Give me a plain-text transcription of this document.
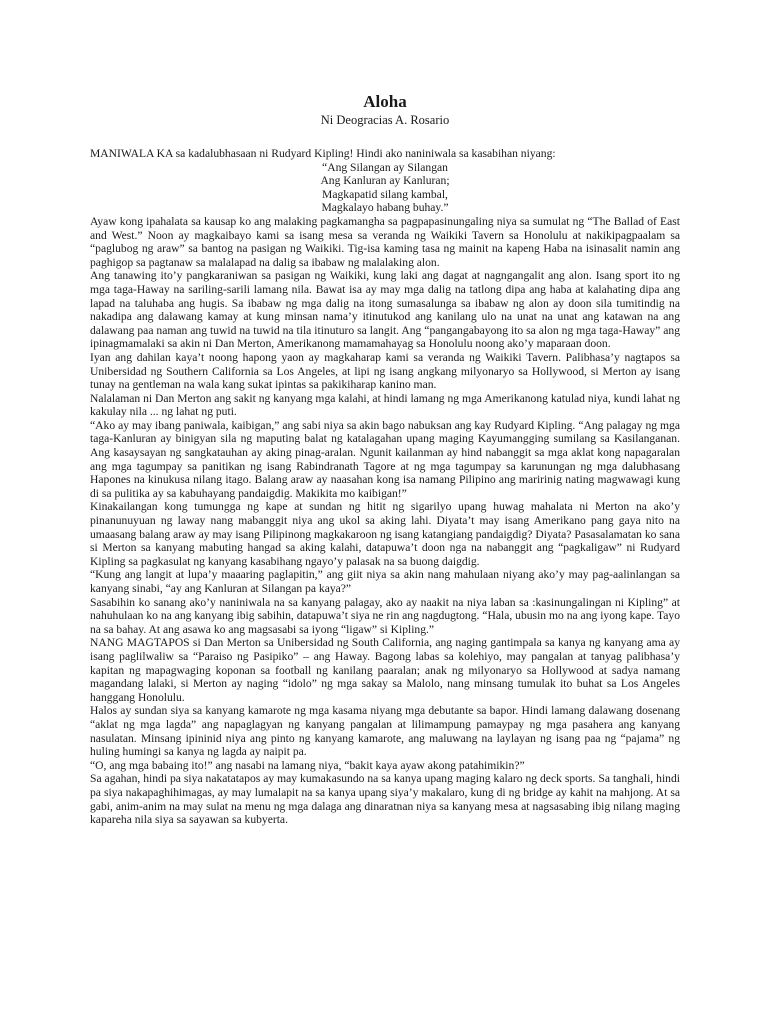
Aloha
Ni Deogracias A. Rosario

MANIWALA KA sa kadalubhasaan ni Rudyard Kipling! Hindi ako naniniwala sa kasabihan niyang:

“Ang Silangan ay Silangan
Ang Kanluran ay Kanluran;
Magkapatid silang kambal,
Magkalayo habang buhay.”

Ayaw kong ipahalata sa kausap ko ang malaking pagkamangha sa pagpapasinungaling niya sa sumulat ng “The Ballad of East and West.” Noon ay magkaibayo kami sa isang mesa sa veranda ng Waikiki Tavern sa Honolulu at nakikipagpaalam sa “paglubog ng araw” sa bantog na pasigan ng Waikiki. Tig-isa kaming tasa ng mainit na kapeng Haba na isinasalit namin ang paghigop sa pagtanaw sa malalapad na dalig sa ibabaw ng malalaking alon.

Ang tanawing ito’y pangkaraniwan sa pasigan ng Waikiki, kung laki ang dagat at nagngangalit ang alon. Isang sport ito ng mga taga-Haway na sariling-sarili lamang nila. Bawat isa ay may mga dalig na tatlong dipa ang haba at kalahating dipa ang lapad na taluhaba ang hugis. Sa ibabaw ng mga dalig na itong sumasalunga sa ibabaw ng alon ay doon sila tumitindig na nakadipa ang dalawang kamay at kung minsan nama’y itinutukod ang kanilang ulo na unat na unat ang katawan na ang dalawang paa naman ang tuwid na tuwid na tila itinuturo sa langit. Ang “pangangabayong ito sa alon ng mga taga-Haway” ang ipinagmamalaki sa akin ni Dan Merton, Amerikanong mamamahayag sa Honolulu noong ako’y maparaan doon.

Iyan ang dahilan kaya’t noong hapong yaon ay magkaharap kami sa veranda ng Waikiki Tavern. Palibhasa’y nagtapos sa Unibersidad ng Southern California sa Los Angeles, at lipi ng isang angkang milyonaryo sa Hollywood, si Merton ay isang tunay na gentleman na wala kang sukat ipintas sa pakikiharap kanino man.

Nalalaman ni Dan Merton ang sakit ng kanyang mga kalahi, at hindi lamang ng mga Amerikanong katulad niya, kundi lahat ng kakulay nila ... ng lahat ng puti.

“Ako ay may ibang paniwala, kaibigan,” ang sabi niya sa akin bago nabuksan ang kay Rudyard Kipling. “Ang palagay ng mga taga-Kanluran ay binigyan sila ng maputing balat ng katalagahan upang maging Kayumangging sumilang sa Kasilanganan. Ang kasaysayan ng sangkatauhan ay aking pinag-aralan. Ngunit kailanman ay hind nabanggit sa mga aklat kong napagaralan ang mga tagumpay sa panitikan ng isang Rabindranath Tagore at ng mga tagumpay sa karunungan ng mga dalubhasang Hapones na kinukusa nilang itago. Balang araw ay naasahan kong isa namang Pilipino ang maririnig nating magwawagi kung di sa pulitika ay sa kabuhayang pandaigdig. Makikita mo kaibigan!”

Kinakailangan kong tumungga ng kape at sundan ng hitit ng sigarilyo upang huwag mahalata ni Merton na ako’y pinanunuyuan ng laway nang mabanggit niya ang ukol sa aking lahi. Diyata’t may isang Amerikano pang gaya nito na umaasang balang araw ay may isang Pilipinong magkakaroon ng isang katangiang pandaigdig? Diyata? Pasasalamatan ko sana si Merton sa kanyang mabuting hangad sa aking kalahi, datapuwa’t doon nga na nabanggit ang “pagkaligaw” ni Rudyard Kipling sa pagkasulat ng kanyang kasabihang ngayo’y palasak na sa buong daigdig.

“Kung ang langit at lupa’y maaaring paglapitin,” ang giit niya sa akin nang mahulaan niyang ako’y may pag-aalinlangan sa kanyang sinabi, “ay ang Kanluran at Silangan pa kaya?”

Sasabihin ko sanang ako’y naniniwala na sa kanyang palagay, ako ay naakit na niya laban sa :kasinungalingan ni Kipling” at nahuhulaan ko na ang kanyang ibig sabihin, datapuwa’t siya ne rin ang nagdugtong. “Hala, ubusin mo na ang iyong kape. Tayo na sa bahay. At ang asawa ko ang magsasabi sa iyong “ligaw” si Kipling.”

NANG MAGTAPOS si Dan Merton sa Unibersidad ng South California, ang naging gantimpala sa kanya ng kanyang ama ay isang paglilwaliw sa “Paraiso ng Pasipiko” – ang Haway. Bagong labas sa kolehiyo, may pangalan at tanyag palibhasa’y kapitan ng mapagwaging koponan sa football ng kanilang paaralan; anak ng milyonaryo sa Hollywood at sadya namang magandang lalaki, si Merton ay naging “idolo” ng mga sakay sa Malolo, nang minsang tumulak ito buhat sa Los Angeles hanggang Honolulu.

Halos ay sundan siya sa kanyang kamarote ng mga kasama niyang mga debutante sa bapor. Hindi lamang dalawang dosenang “aklat ng mga lagda” ang napaglagyan ng kanyang pangalan at lilimampung pamaypay ng mga pasahera ang kanyang nasulatan. Minsang ipininid niya ang pinto ng kanyang kamarote, ang maluwang na laylayan ng isang paa ng “pajama” ng huling humingi sa kanya ng lagda ay naipit pa.

“O, ang mga babaing ito!” ang nasabi na lamang niya, “bakit kaya ayaw akong patahimikin?”

Sa agahan, hindi pa siya nakatatapos ay may kumakasundo na sa kanya upang maging kalaro ng deck sports. Sa tanghali, hindi pa siya nakapaghihimagas, ay may lumalapit na sa kanya upang siya’y makalaro, kung di ng bridge ay kahit na mahjong. At sa gabi, anim-anim na may sulat na menu ng mga dalaga ang dinaratnan niya sa kanyang mesa at nagsasabing ibig nilang maging kapareha nila siya sa sayawan sa kubyerta.
